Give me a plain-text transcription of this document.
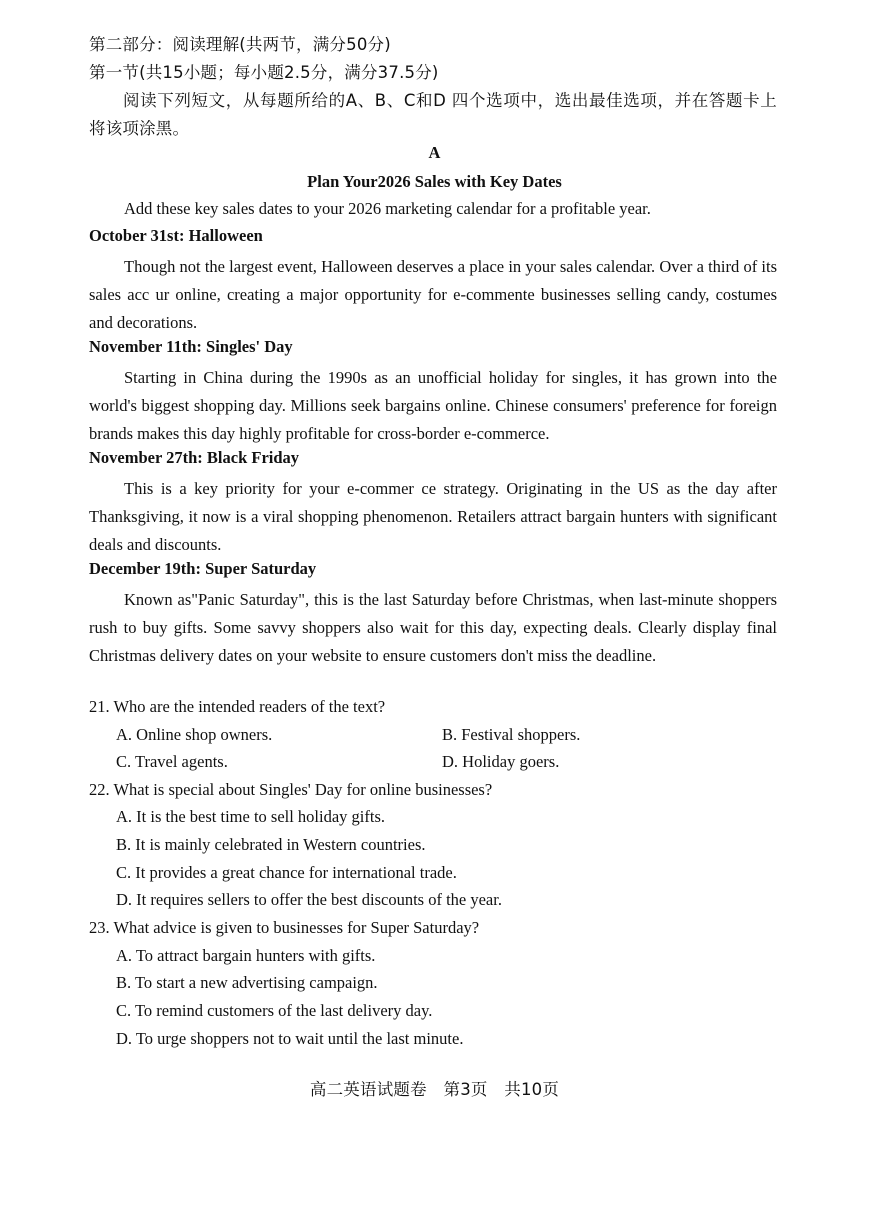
第二部分：阅读理解(共两节，满分50分)
第一节(共15小题；每小题2.5分，满分37.5分)
阅读下列短文，从每题所给的A、B、C和D 四个选项中，选出最佳选项，并在答题卡上将该项涂黑。
A
Plan Your2026 Sales with Key Dates
Add these key sales dates to your 2026 marketing calendar for a profitable year.
October 31st: Halloween
Though not the largest event, Halloween deserves a place in your sales calendar. Over a third of its sales acc ur online, creating a major opportunity for e-commente businesses selling candy, costumes and decorations.
November 11th: Singles' Day
Starting in China during the 1990s as an unofficial holiday for singles, it has grown into the world's biggest shopping day. Millions seek bargains online. Chinese consumers' preference for foreign brands makes this day highly profitable for cross-border e-commerce.
November 27th: Black Friday
This is a key priority for your e-commer ce strategy. Originating in the US as the day after Thanksgiving, it now is a viral shopping phenomenon. Retailers attract bargain hunters with significant deals and discounts.
December 19th: Super Saturday
Known as"Panic Saturday", this is the last Saturday before Christmas, when last-minute shoppers rush to buy gifts. Some savvy shoppers also wait for this day, expecting deals. Clearly display final Christmas delivery dates on your website to ensure customers don't miss the deadline.
21. Who are the intended readers of the text?
A. Online shop owners.	B. Festival shoppers.
C. Travel agents.	D. Holiday goers.
22. What is special about Singles' Day for online businesses?
A. It is the best time to sell holiday gifts.
B. It is mainly celebrated in Western countries.
C. It provides a great chance for international trade.
D. It requires sellers to offer the best discounts of the year.
23. What advice is given to businesses for Super Saturday?
A. To attract bargain hunters with gifts.
B. To start a new advertising campaign.
C. To remind customers of the last delivery day.
D. To urge shoppers not to wait until the last minute.
高二英语试题卷　第3页　共10页
